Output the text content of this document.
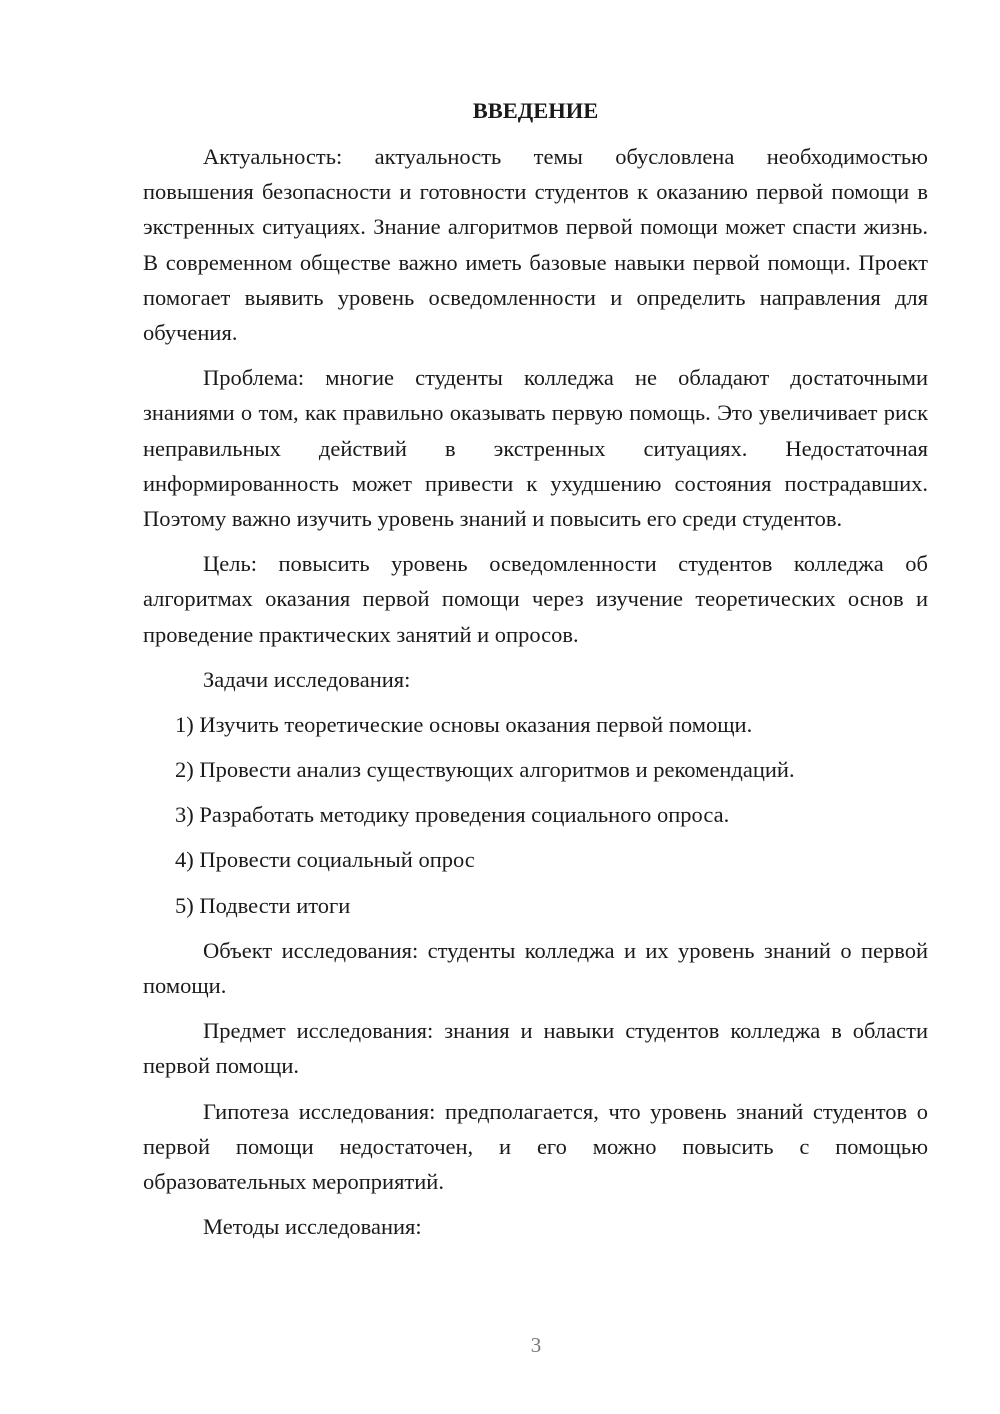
ВВЕДЕНИЕ

Актуальность: актуальность темы обусловлена необходимостью повышения безопасности и готовности студентов к оказанию первой помощи в экстренных ситуациях. Знание алгоритмов первой помощи может спасти жизнь. В современном обществе важно иметь базовые навыки первой помощи. Проект помогает выявить уровень осведомленности и определить направления для обучения.

Проблема: многие студенты колледжа не обладают достаточными знаниями о том, как правильно оказывать первую помощь. Это увеличивает риск неправильных действий в экстренных ситуациях. Недостаточная информированность может привести к ухудшению состояния пострадавших. Поэтому важно изучить уровень знаний и повысить его среди студентов.

Цель: повысить уровень осведомленности студентов колледжа об алгоритмах оказания первой помощи через изучение теоретических основ и проведение практических занятий и опросов.

Задачи исследования:

1) Изучить теоретические основы оказания первой помощи.
2) Провести анализ существующих алгоритмов и рекомендаций.
3) Разработать методику проведения социального опроса.
4) Провести социальный опрос
5) Подвести итоги

Объект исследования: студенты колледжа и их уровень знаний о первой помощи.

Предмет исследования: знания и навыки студентов колледжа в области первой помощи.

Гипотеза исследования: предполагается, что уровень знаний студентов о первой помощи недостаточен, и его можно повысить с помощью образовательных мероприятий.

Методы исследования:

3
